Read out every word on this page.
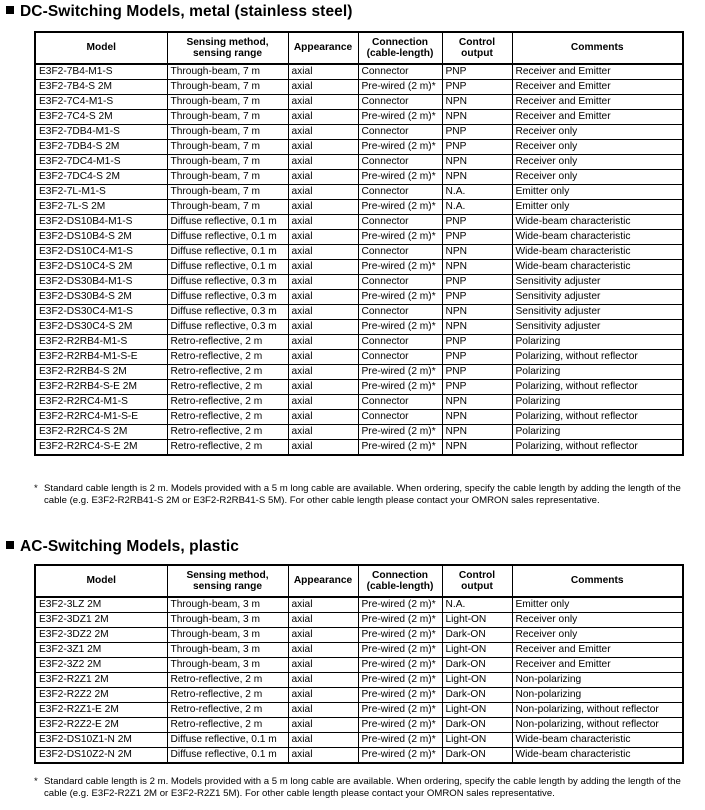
DC-Switching Models, metal (stainless steel)
Model	Sensing method, sensing range	Appearance	Connection (cable-length)	Control output	Comments
E3F2-7B4-M1-S	Through-beam, 7 m	axial	Connector	PNP	Receiver and Emitter
E3F2-7B4-S 2M	Through-beam, 7 m	axial	Pre-wired (2 m)*	PNP	Receiver and Emitter
E3F2-7C4-M1-S	Through-beam, 7 m	axial	Connector	NPN	Receiver and Emitter
E3F2-7C4-S 2M	Through-beam, 7 m	axial	Pre-wired (2 m)*	NPN	Receiver and Emitter
E3F2-7DB4-M1-S	Through-beam, 7 m	axial	Connector	PNP	Receiver only
E3F2-7DB4-S 2M	Through-beam, 7 m	axial	Pre-wired (2 m)*	PNP	Receiver only
E3F2-7DC4-M1-S	Through-beam, 7 m	axial	Connector	NPN	Receiver only
E3F2-7DC4-S 2M	Through-beam, 7 m	axial	Pre-wired (2 m)*	NPN	Receiver only
E3F2-7L-M1-S	Through-beam, 7 m	axial	Connector	N.A.	Emitter only
E3F2-7L-S 2M	Through-beam, 7 m	axial	Pre-wired (2 m)*	N.A.	Emitter only
E3F2-DS10B4-M1-S	Diffuse reflective, 0.1 m	axial	Connector	PNP	Wide-beam characteristic
E3F2-DS10B4-S 2M	Diffuse reflective, 0.1 m	axial	Pre-wired (2 m)*	PNP	Wide-beam characteristic
E3F2-DS10C4-M1-S	Diffuse reflective, 0.1 m	axial	Connector	NPN	Wide-beam characteristic
E3F2-DS10C4-S 2M	Diffuse reflective, 0.1 m	axial	Pre-wired (2 m)*	NPN	Wide-beam characteristic
E3F2-DS30B4-M1-S	Diffuse reflective, 0.3 m	axial	Connector	PNP	Sensitivity adjuster
E3F2-DS30B4-S 2M	Diffuse reflective, 0.3 m	axial	Pre-wired (2 m)*	PNP	Sensitivity adjuster
E3F2-DS30C4-M1-S	Diffuse reflective, 0.3 m	axial	Connector	NPN	Sensitivity adjuster
E3F2-DS30C4-S 2M	Diffuse reflective, 0.3 m	axial	Pre-wired (2 m)*	NPN	Sensitivity adjuster
E3F2-R2RB4-M1-S	Retro-reflective, 2 m	axial	Connector	PNP	Polarizing
E3F2-R2RB4-M1-S-E	Retro-reflective, 2 m	axial	Connector	PNP	Polarizing, without reflector
E3F2-R2RB4-S 2M	Retro-reflective, 2 m	axial	Pre-wired (2 m)*	PNP	Polarizing
E3F2-R2RB4-S-E 2M	Retro-reflective, 2 m	axial	Pre-wired (2 m)*	PNP	Polarizing, without reflector
E3F2-R2RC4-M1-S	Retro-reflective, 2 m	axial	Connector	NPN	Polarizing
E3F2-R2RC4-M1-S-E	Retro-reflective, 2 m	axial	Connector	NPN	Polarizing, without reflector
E3F2-R2RC4-S 2M	Retro-reflective, 2 m	axial	Pre-wired (2 m)*	NPN	Polarizing
E3F2-R2RC4-S-E 2M	Retro-reflective, 2 m	axial	Pre-wired (2 m)*	NPN	Polarizing, without reflector
* Standard cable length is 2 m. Models provided with a 5 m long cable are available. When ordering, specify the cable length by adding the length of the cable (e.g. E3F2-R2RB41-S 2M or E3F2-R2RB41-S 5M). For other cable length please contact your OMRON sales representative.
AC-Switching Models, plastic
Model	Sensing method, sensing range	Appearance	Connection (cable-length)	Control output	Comments
E3F2-3LZ 2M	Through-beam, 3 m	axial	Pre-wired (2 m)*	N.A.	Emitter only
E3F2-3DZ1 2M	Through-beam, 3 m	axial	Pre-wired (2 m)*	Light-ON	Receiver only
E3F2-3DZ2 2M	Through-beam, 3 m	axial	Pre-wired (2 m)*	Dark-ON	Receiver only
E3F2-3Z1 2M	Through-beam, 3 m	axial	Pre-wired (2 m)*	Light-ON	Receiver and Emitter
E3F2-3Z2 2M	Through-beam, 3 m	axial	Pre-wired (2 m)*	Dark-ON	Receiver and Emitter
E3F2-R2Z1 2M	Retro-reflective, 2 m	axial	Pre-wired (2 m)*	Light-ON	Non-polarizing
E3F2-R2Z2 2M	Retro-reflective, 2 m	axial	Pre-wired (2 m)*	Dark-ON	Non-polarizing
E3F2-R2Z1-E 2M	Retro-reflective, 2 m	axial	Pre-wired (2 m)*	Light-ON	Non-polarizing, without reflector
E3F2-R2Z2-E 2M	Retro-reflective, 2 m	axial	Pre-wired (2 m)*	Dark-ON	Non-polarizing, without reflector
E3F2-DS10Z1-N 2M	Diffuse reflective, 0.1 m	axial	Pre-wired (2 m)*	Light-ON	Wide-beam characteristic
E3F2-DS10Z2-N 2M	Diffuse reflective, 0.1 m	axial	Pre-wired (2 m)*	Dark-ON	Wide-beam characteristic
* Standard cable length is 2 m. Models provided with a 5 m long cable are available. When ordering, specify the cable length by adding the length of the cable (e.g. E3F2-R2Z1 2M or E3F2-R2Z1 5M). For other cable length please contact your OMRON sales representative.
